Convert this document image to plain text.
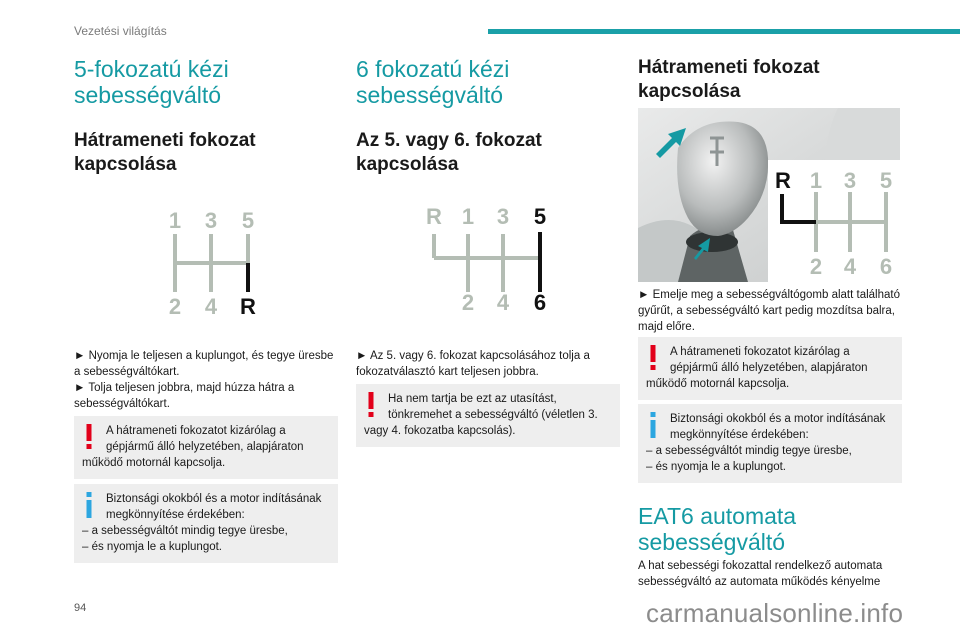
Vezetési világítás
5-fokozatú kézi sebességváltó
Hátrameneti fokozat kapcsolása
1 3 5
2 4 R

► Nyomja le teljesen a kuplungot, és tegye üresbe a sebességváltókart.

► Tolja teljesen jobbra, majd húzza hátra a sebességváltókart.

A hátrameneti fokozatot kizárólag a gépjármű álló helyzetében, alapjáraton
működő motornál kapcsolja.
Biztonsági okokból és a motor indításának megkönnyítése érdekében:
– a sebességváltót mindig tegye üresbe,
– és nyomja le a kuplungot.
6 fokozatú kézi sebességváltó
Az 5. vagy 6. fokozat kapcsolása
R 1 3 5
2 4 6

► Az 5. vagy 6. fokozat kapcsolásához tolja a fokozatválasztó kart teljesen jobbra.

Ha nem tartja be ezt az utasítást, tönkremehet a sebességváltó (véletlen 3.
vagy 4. fokozatba kapcsolás).
Hátrameneti fokozat kapcsolása
R 1 3 5
2 4 6

► Emelje meg a sebességváltógomb alatt található gyűrűt, a sebességváltó kart pedig mozdítsa balra, majd előre.

A hátrameneti fokozatot kizárólag a gépjármű álló helyzetében, alapjáraton
működő motornál kapcsolja.
Biztonsági okokból és a motor indításának megkönnyítése érdekében:
– a sebességváltót mindig tegye üresbe,
– és nyomja le a kuplungot.
EAT6 automata sebességváltó
A hat sebességi fokozattal rendelkező automata sebességváltó az automata működés kényelme
94	carmanualsonline.info
